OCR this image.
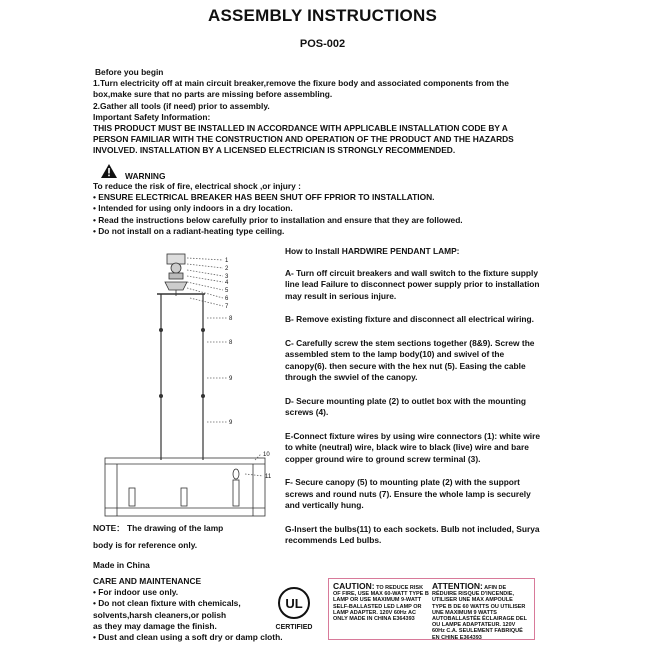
ASSEMBLY INSTRUCTIONS
POS-002
Before you begin
1.Turn electricity off at main circuit breaker,remove the fixure body and associated components from the
box,make sure that no parts are missing before assembling.
2.Gather all tools (if need) prior to assembly.
Important Safety Information:
THIS PRODUCT MUST BE INSTALLED IN ACCORDANCE WITH APPLICABLE INSTALLATION CODE BY A
PERSON FAMILIAR WITH THE CONSTRUCTION AND OPERATION OF THE PRODUCT AND THE HAZARDS
INVOLVED. INSTALLATION BY A LICENSED ELECTRICIAN IS STRONGLY RECOMMENDED.
WARNING
To reduce the risk of fire, electrical shock ,or injury :
• ENSURE ELECTRICAL BREAKER HAS BEEN SHUT OFF FPRIOR TO INSTALLATION.
• Intended for using only indoors in a dry location.
• Read the instructions below carefully prior to installation and ensure that they are followed.
• Do not install on a radiant-heating type ceiling.

How to Install HARDWIRE PENDANT LAMP:

A- Turn off circuit breakers and wall switch to the fixture supply line lead Failure to disconnect power supply prior to installation may result in serious injure.

B- Remove existing fixture and disconnect all electrical wiring.

C- Carefully screw the stem sections together (8&9). Screw the assembled stem to the lamp body(10) and swivel of the canopy(6). then secure with the hex nut (5). Easing the cable through the swviel of the canopy.

D- Secure mounting plate (2) to outlet box with the mounting screws (4).

E-Connect fixture wires by using wire connectors (1): white wire to white (neutral) wire, black wire to black (live) wire and bare copper ground wire to ground screw terminal (3).

F- Secure canopy (5) to mounting plate (2) with the support screws and round nuts (7). Ensure the whole lamp is securely and vertically hung.

G-Insert the bulbs(11) to each sockets. Bulb not included, Surya recommends Led bulbs.

1
2
3
4
5
6
7
8
8
9
9
10
11
NOTE： The drawing of the lamp
body is for reference only.
Made in China
CARE AND MAINTENANCE
• For indoor use only.
• Do not clean fixture with chemicals,
solvents,harsh cleaners,or polish
as they may damage the finish.
• Dust and clean using a soft dry or damp cloth.
UL
CERTIFIED
CAUTION: TO REDUCE RISK OF FIRE, USE MAX 60-WATT TYPE B LAMP OR USE MAXIMUM 9-WATT SELF-BALLASTED LED LAMP OR LAMP ADAPTER. 120V 60Hz AC ONLY MADE IN CHINA E364393
ATTENTION: AFIN DE RÉDUIRE RISQUE D'INCENDIE, UTILISER UNE MAX AMPOULE TYPE B DE 60 WATTS OU UTILISER UNE MAXIMUM 9 WATTS AUTOBALLASTÉE ÉCLAIRAGE DEL OU LAMPE ADAPTATEUR. 120V 60Hz C.A. SEULEMENT FABRIQUÉ EN CHINE E364393
